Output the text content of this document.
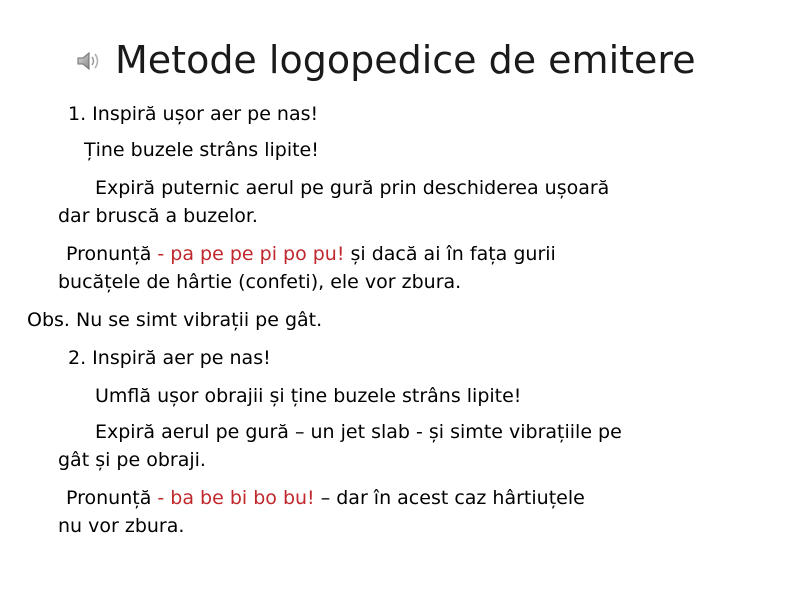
Metode logopedice de emitere
1. Inspiră ușor aer pe nas!
Ține buzele strâns lipite!
Expiră puternic aerul pe gură prin deschiderea ușoară
dar bruscă a buzelor.
Pronunță - pa pe pe pi po pu! și dacă ai în fața gurii
bucățele de hârtie (confeti), ele vor zbura.
Obs. Nu se simt vibrații pe gât.
2. Inspiră aer pe nas!
Umflă ușor obrajii și ține buzele strâns lipite!
Expiră aerul pe gură – un jet slab - și simte vibrațiile pe
gât și pe obraji.
Pronunță - ba be bi bo bu! – dar în acest caz hârtiuțele
nu vor zbura.
